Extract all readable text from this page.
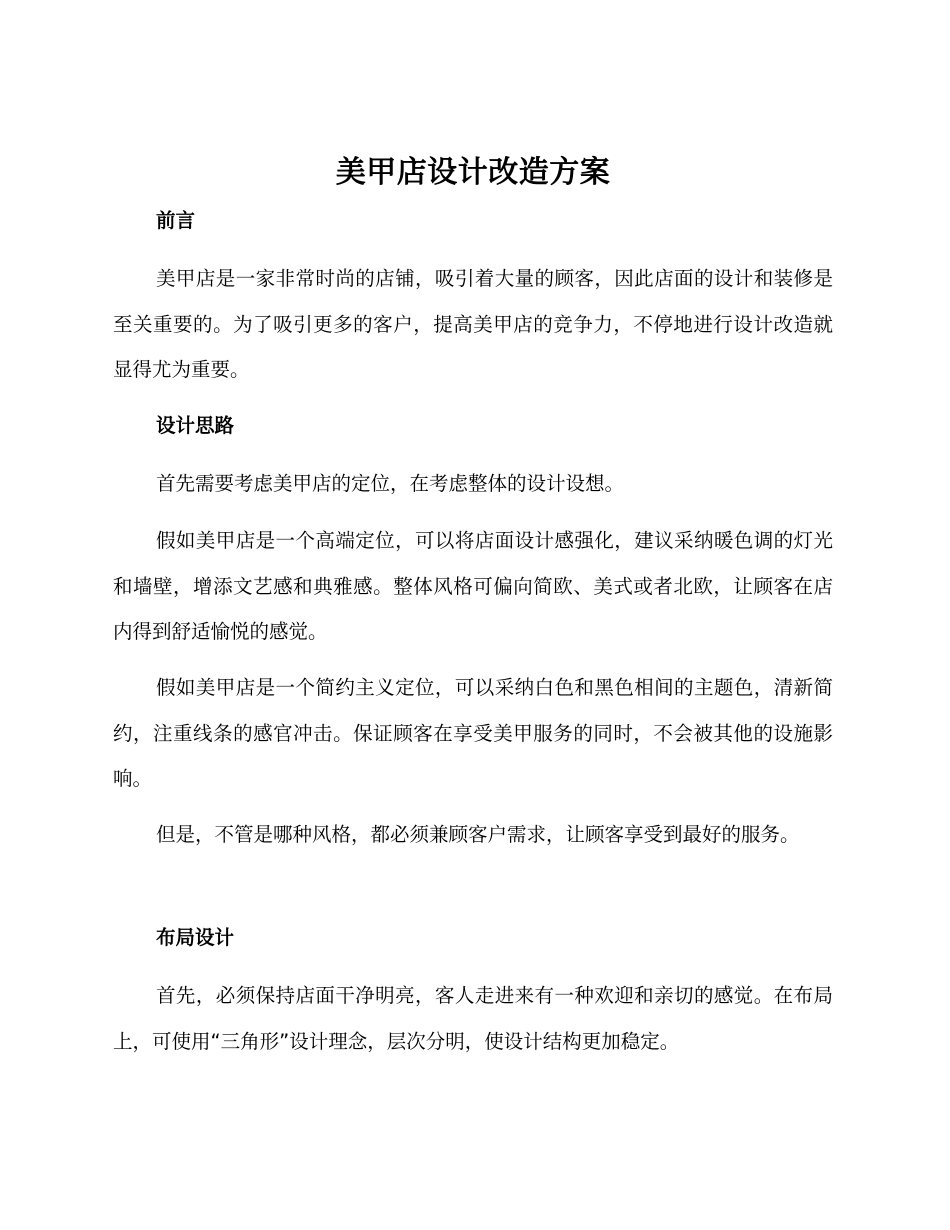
美甲店设计改造方案
前言

美甲店是一家非常时尚的店铺，吸引着大量的顾客，因此店面的设计和装修是至关重要的。为了吸引更多的客户，提高美甲店的竞争力，不停地进行设计改造就显得尤为重要。

设计思路

首先需要考虑美甲店的定位，在考虑整体的设计设想。

假如美甲店是一个高端定位，可以将店面设计感强化，建议采纳暖色调的灯光和墙壁，增添文艺感和典雅感。整体风格可偏向简欧、美式或者北欧，让顾客在店内得到舒适愉悦的感觉。

假如美甲店是一个简约主义定位，可以采纳白色和黑色相间的主题色，清新简约，注重线条的感官冲击。保证顾客在享受美甲服务的同时，不会被其他的设施影响。

但是，不管是哪种风格，都必须兼顾客户需求，让顾客享受到最好的服务。

布局设计

首先，必须保持店面干净明亮，客人走进来有一种欢迎和亲切的感觉。在布局上，可使用“三角形”设计理念，层次分明，使设计结构更加稳定。
